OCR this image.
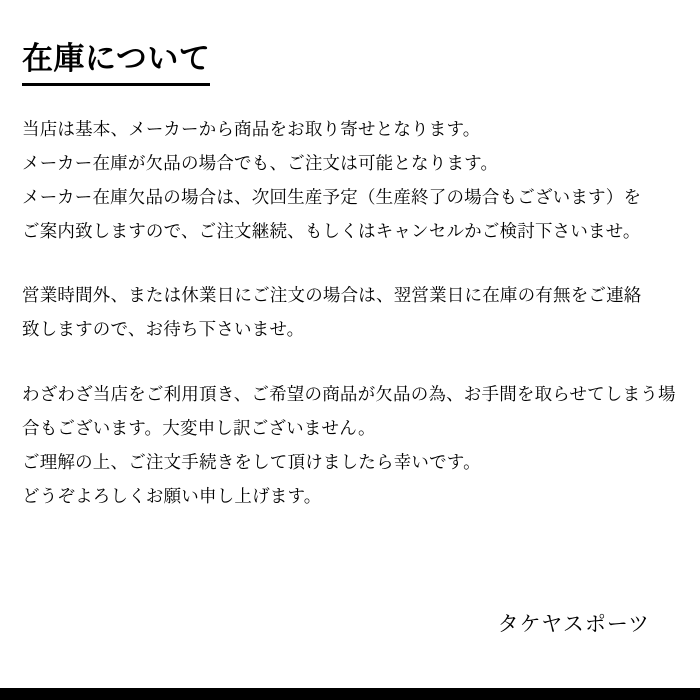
在庫について
当店は基本、メーカーから商品をお取り寄せとなります。
メーカー在庫が欠品の場合でも、ご注文は可能となります。
メーカー在庫欠品の場合は、次回生産予定（生産終了の場合もございます）を
ご案内致しますので、ご注文継続、もしくはキャンセルかご検討下さいませ。
営業時間外、または休業日にご注文の場合は、翌営業日に在庫の有無をご連絡
致しますので、お待ち下さいませ。
わざわざ当店をご利用頂き、ご希望の商品が欠品の為、お手間を取らせてしまう場
合もございます。大変申し訳ございません。
ご理解の上、ご注文手続きをして頂けましたら幸いです。
どうぞよろしくお願い申し上げます。
タケヤスポーツ
